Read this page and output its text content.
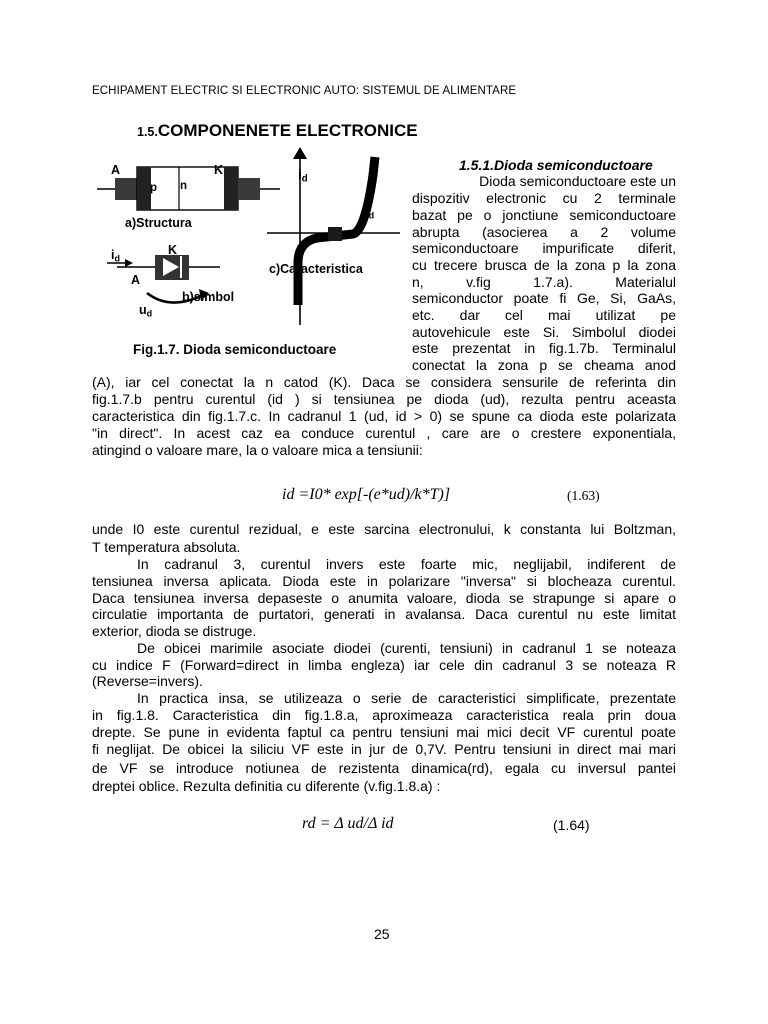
ECHIPAMENT ELECTRIC SI ELECTRONIC AUTO: SISTEMUL DE ALIMENTARE
1.5.COMPONENETE ELECTRONICE
A	K
p n
a)Structura
$i_d$
K
A
b)simbol
$u_d$
$i_d$
$u_d$
c)Caracteristica
Fig.1.7. Dioda semiconductoare
1.5.1.Dioda semiconductoare
Dioda semiconductoare este un
dispozitiv electronic cu 2 terminale
bazat pe o jonctiune semiconductoare
abrupta (asocierea a 2 volume
semiconductoare impurificate diferit,
cu trecere brusca de la zona p la zona
n, v.fig 1.7.a). Materialul
semiconductor poate fi Ge, Si, GaAs,
etc. dar cel mai utilizat pe
autovehicule este Si. Simbolul diodei
este prezentat in fig.1.7b. Terminalul
conectat la zona p se cheama anod
(A), iar cel conectat la n catod (K). Daca se considera sensurile de referinta din
fig.1.7.b pentru curentul (id ) si tensiunea pe dioda (ud), rezulta pentru aceasta
caracteristica din fig.1.7.c. In cadranul 1 (ud, id > 0) se spune ca dioda este polarizata
"in direct". In acest caz ea conduce curentul , care are o crestere exponentiala,
atingind o valoare mare, la o valoare mica a tensiunii:
id =I0* exp[-(e*ud)/k*T)]	(1.63)
unde I0 este curentul rezidual, e este sarcina electronului, k constanta lui Boltzman,
T temperatura absoluta.
In cadranul 3, curentul invers este foarte mic, neglijabil, indiferent de
tensiunea inversa aplicata. Dioda este in polarizare "inversa" si blocheaza curentul.
Daca tensiunea inversa depaseste o anumita valoare, dioda se strapunge si apare o
circulatie importanta de purtatori, generati in avalansa. Daca curentul nu este limitat
exterior, dioda se distruge.
De obicei marimile asociate diodei (curenti, tensiuni) in cadranul 1 se noteaza
cu indice F (Forward=direct in limba engleza) iar cele din cadranul 3 se noteaza R
(Reverse=invers).
In practica insa, se utilizeaza o serie de caracteristici simplificate, prezentate
in fig.1.8. Caracteristica din fig.1.8.a, aproximeaza caracteristica reala prin doua
drepte. Se pune in evidenta faptul ca pentru tensiuni mai mici decit VF curentul poate
fi neglijat. De obicei la siliciu VF este in jur de 0,7V. Pentru tensiuni in direct mai mari
de VF se introduce notiunea de rezistenta dinamica(rd), egala cu inversul pantei
dreptei oblice. Rezulta definitia cu diferente (v.fig.1.8.a) :
rd = Δ ud/Δ id	(1.64)
25
